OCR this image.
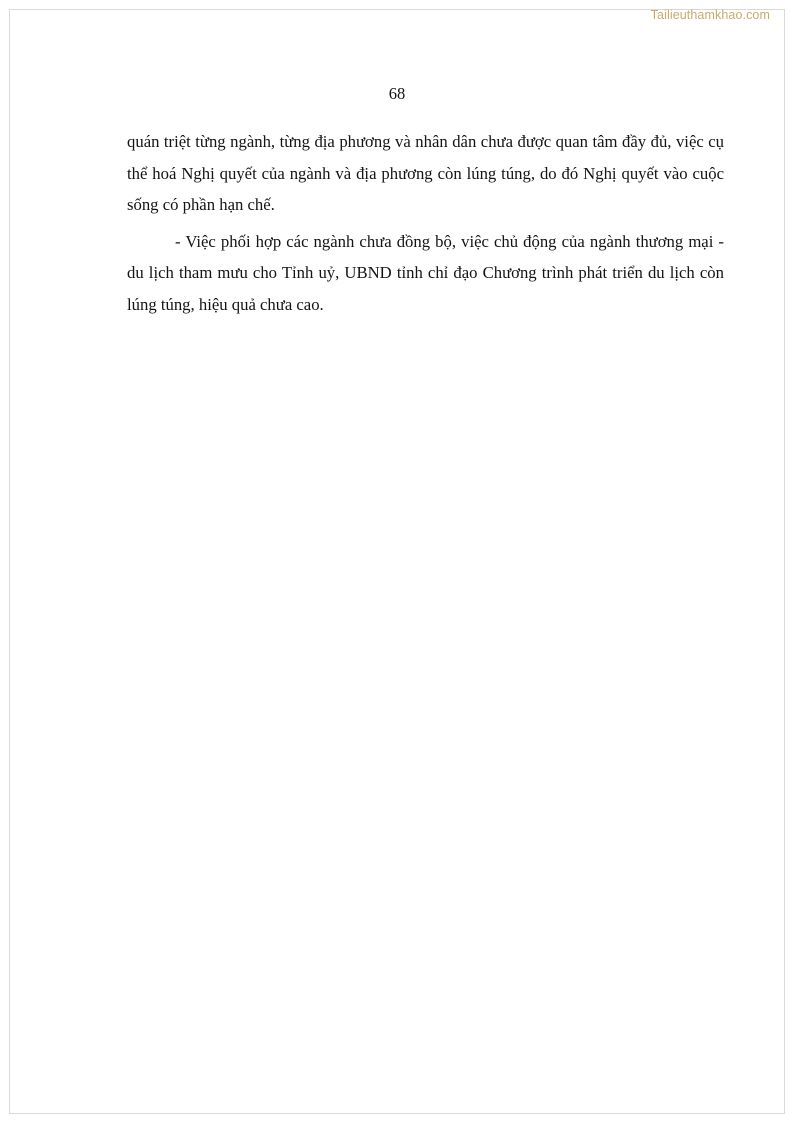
Tailieuthamkhao.com
68

quán triệt từng ngành, từng địa phương và nhân dân chưa được quan tâm đầy đủ, việc cụ thể hoá Nghị quyết của ngành và địa phương còn lúng túng, do đó Nghị quyết vào cuộc sống có phần hạn chế.

- Việc phối hợp các ngành chưa đồng bộ, việc chủ động của ngành thương mại - du lịch tham mưu cho Tỉnh uỷ, UBND tỉnh chỉ đạo Chương trình phát triển du lịch còn lúng túng, hiệu quả chưa cao.
